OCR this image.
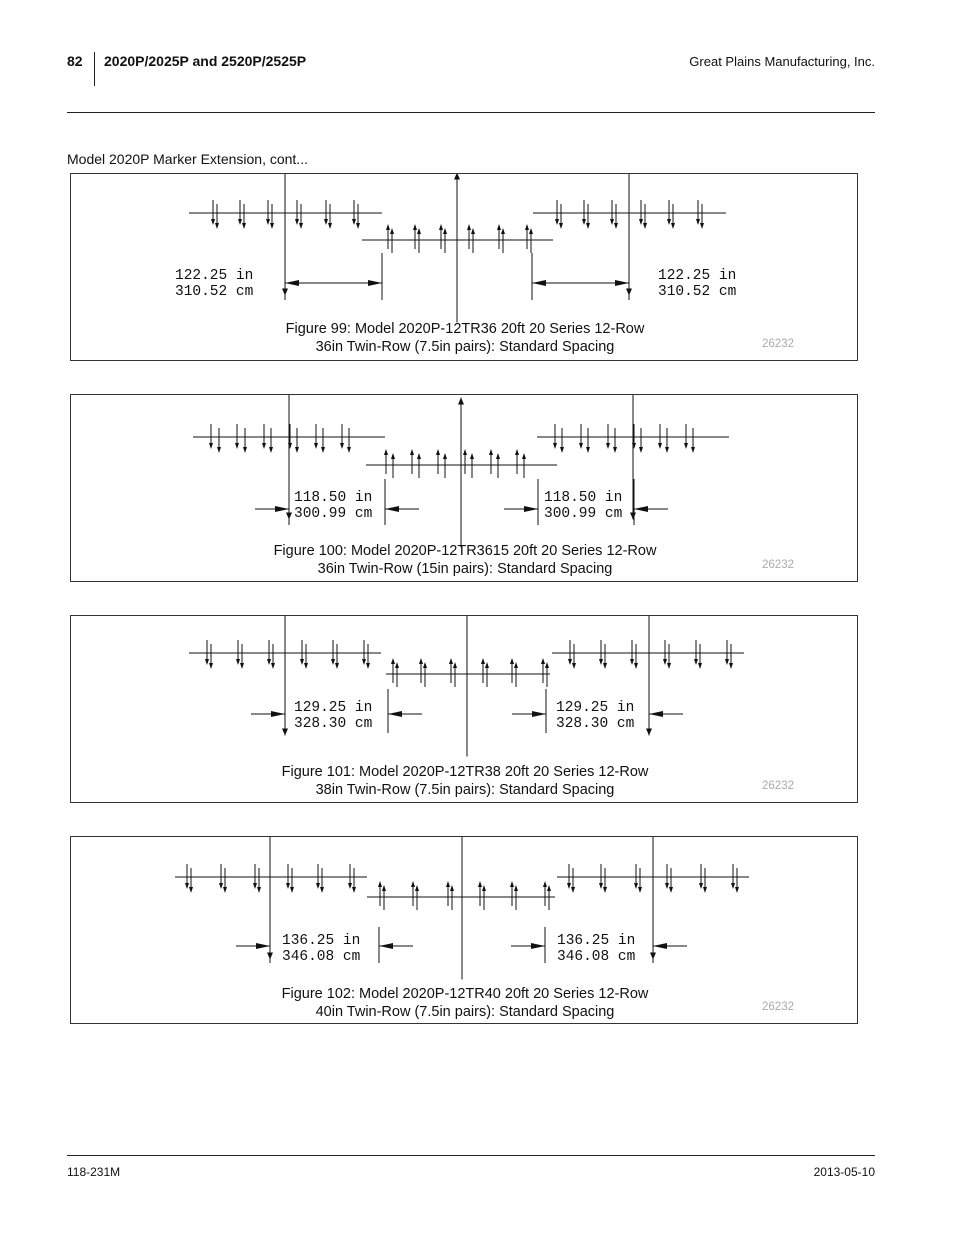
82 2020P/2025P and 2520P/2525P	Great Plains Manufacturing, Inc.
Model 2020P Marker Extension, cont...
122.25 in
310.52 cm
122.25 in
310.52 cm
Figure 99: Model 2020P-12TR36 20ft 20 Series 12-Row
36in Twin-Row (7.5in pairs): Standard Spacing	26232
118.50 in
300.99 cm
118.50 in
300.99 cm
Figure 100: Model 2020P-12TR3615 20ft 20 Series 12-Row
36in Twin-Row (15in pairs): Standard Spacing	26232
129.25 in
328.30 cm
129.25 in
328.30 cm
Figure 101: Model 2020P-12TR38 20ft 20 Series 12-Row
38in Twin-Row (7.5in pairs): Standard Spacing	26232
136.25 in
346.08 cm
136.25 in
346.08 cm
Figure 102: Model 2020P-12TR40 20ft 20 Series 12-Row
40in Twin-Row (7.5in pairs): Standard Spacing	26232
118-231M	2013-05-10
